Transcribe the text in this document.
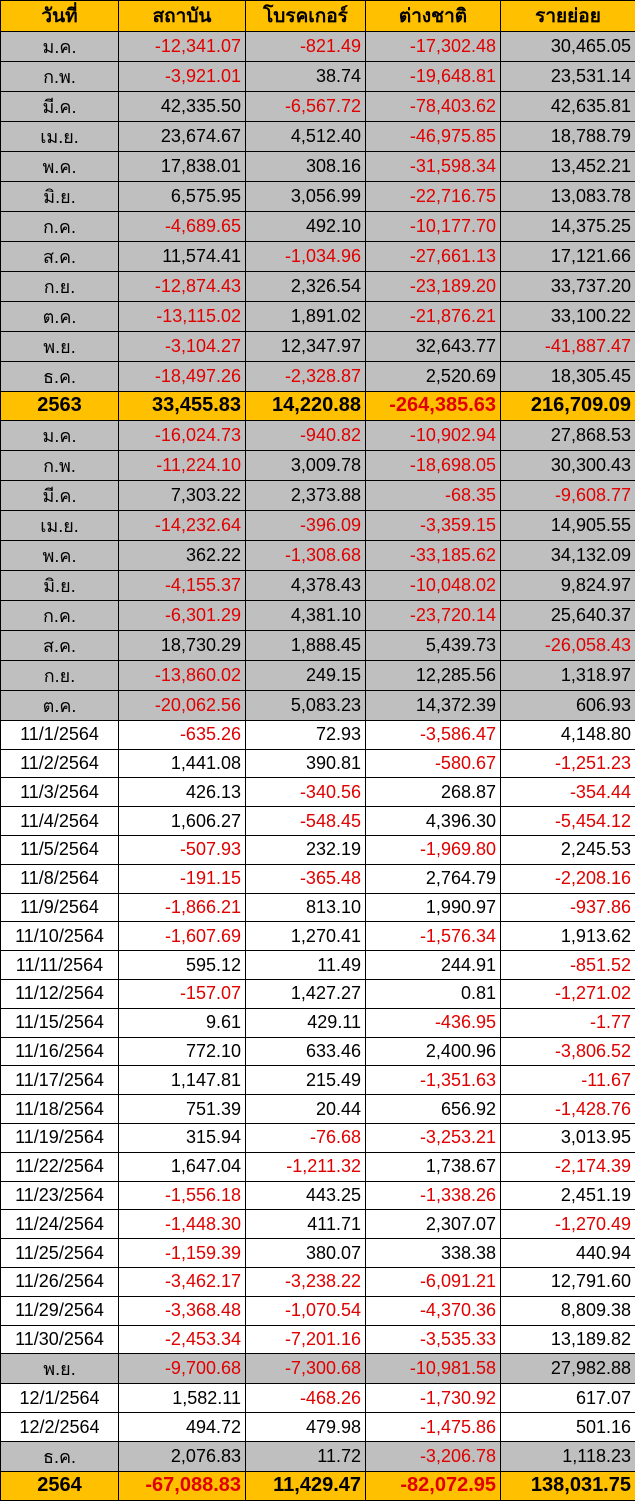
วันที่	สถาบัน	โบรคเกอร์	ต่างชาติ	รายย่อย
ม.ค.	-12,341.07	-821.49	-17,302.48	30,465.05
ก.พ.	-3,921.01	38.74	-19,648.81	23,531.14
มี.ค.	42,335.50	-6,567.72	-78,403.62	42,635.81
เม.ย.	23,674.67	4,512.40	-46,975.85	18,788.79
พ.ค.	17,838.01	308.16	-31,598.34	13,452.21
มิ.ย.	6,575.95	3,056.99	-22,716.75	13,083.78
ก.ค.	-4,689.65	492.10	-10,177.70	14,375.25
ส.ค.	11,574.41	-1,034.96	-27,661.13	17,121.66
ก.ย.	-12,874.43	2,326.54	-23,189.20	33,737.20
ต.ค.	-13,115.02	1,891.02	-21,876.21	33,100.22
พ.ย.	-3,104.27	12,347.97	32,643.77	-41,887.47
ธ.ค.	-18,497.26	-2,328.87	2,520.69	18,305.45
2563	33,455.83	14,220.88	-264,385.63	216,709.09
ม.ค.	-16,024.73	-940.82	-10,902.94	27,868.53
ก.พ.	-11,224.10	3,009.78	-18,698.05	30,300.43
มี.ค.	7,303.22	2,373.88	-68.35	-9,608.77
เม.ย.	-14,232.64	-396.09	-3,359.15	14,905.55
พ.ค.	362.22	-1,308.68	-33,185.62	34,132.09
มิ.ย.	-4,155.37	4,378.43	-10,048.02	9,824.97
ก.ค.	-6,301.29	4,381.10	-23,720.14	25,640.37
ส.ค.	18,730.29	1,888.45	5,439.73	-26,058.43
ก.ย.	-13,860.02	249.15	12,285.56	1,318.97
ต.ค.	-20,062.56	5,083.23	14,372.39	606.93
11/1/2564	-635.26	72.93	-3,586.47	4,148.80
11/2/2564	1,441.08	390.81	-580.67	-1,251.23
11/3/2564	426.13	-340.56	268.87	-354.44
11/4/2564	1,606.27	-548.45	4,396.30	-5,454.12
11/5/2564	-507.93	232.19	-1,969.80	2,245.53
11/8/2564	-191.15	-365.48	2,764.79	-2,208.16
11/9/2564	-1,866.21	813.10	1,990.97	-937.86
11/10/2564	-1,607.69	1,270.41	-1,576.34	1,913.62
11/11/2564	595.12	11.49	244.91	-851.52
11/12/2564	-157.07	1,427.27	0.81	-1,271.02
11/15/2564	9.61	429.11	-436.95	-1.77
11/16/2564	772.10	633.46	2,400.96	-3,806.52
11/17/2564	1,147.81	215.49	-1,351.63	-11.67
11/18/2564	751.39	20.44	656.92	-1,428.76
11/19/2564	315.94	-76.68	-3,253.21	3,013.95
11/22/2564	1,647.04	-1,211.32	1,738.67	-2,174.39
11/23/2564	-1,556.18	443.25	-1,338.26	2,451.19
11/24/2564	-1,448.30	411.71	2,307.07	-1,270.49
11/25/2564	-1,159.39	380.07	338.38	440.94
11/26/2564	-3,462.17	-3,238.22	-6,091.21	12,791.60
11/29/2564	-3,368.48	-1,070.54	-4,370.36	8,809.38
11/30/2564	-2,453.34	-7,201.16	-3,535.33	13,189.82
พ.ย.	-9,700.68	-7,300.68	-10,981.58	27,982.88
12/1/2564	1,582.11	-468.26	-1,730.92	617.07
12/2/2564	494.72	479.98	-1,475.86	501.16
ธ.ค.	2,076.83	11.72	-3,206.78	1,118.23
2564	-67,088.83	11,429.47	-82,072.95	138,031.75
